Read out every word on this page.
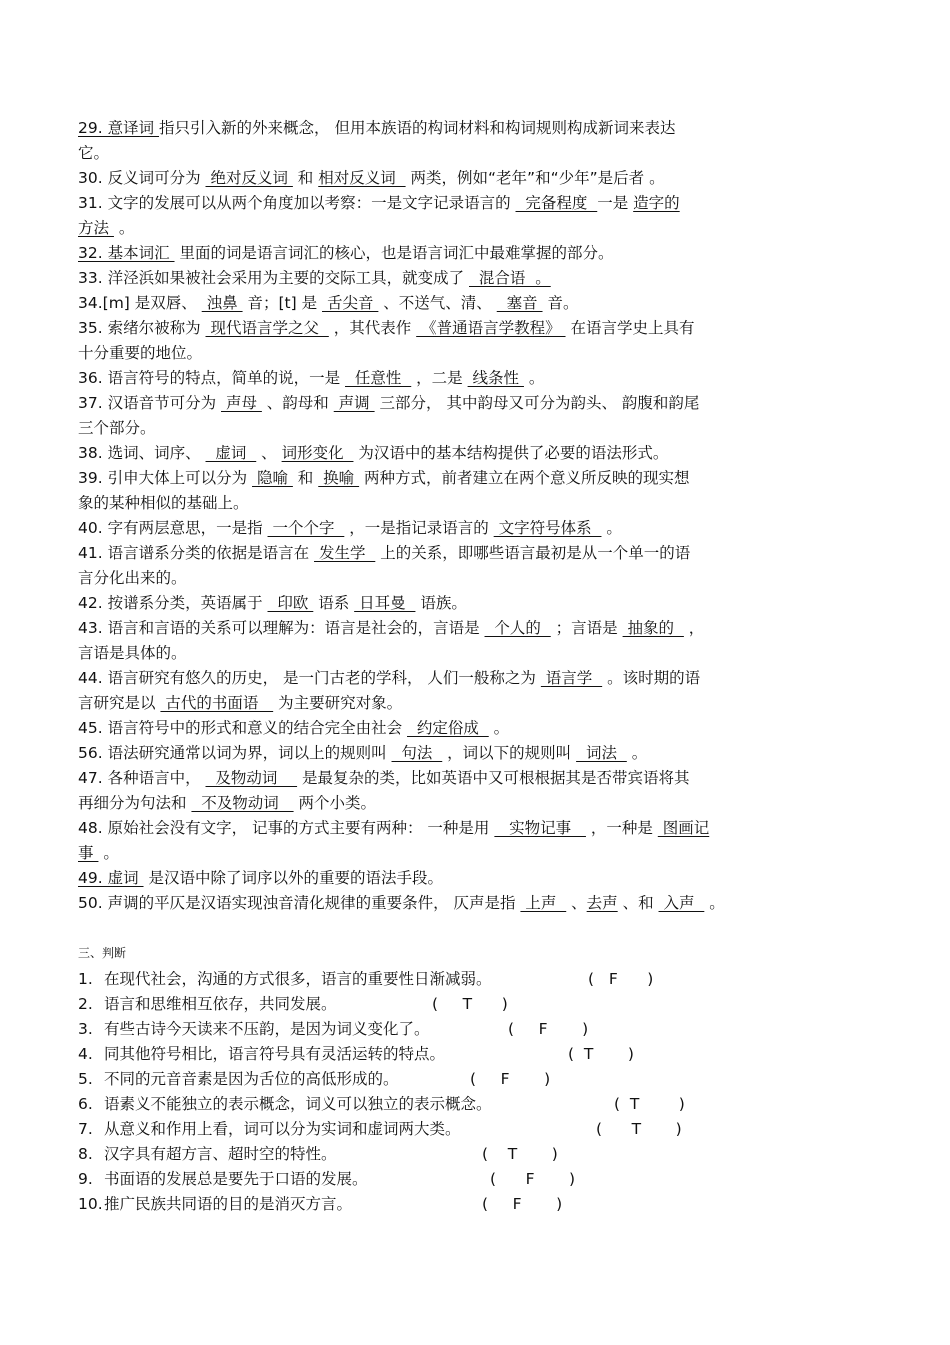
29. 意译词 指只引入新的外来概念， 但用本族语的构词材料和构词规则构成新词来表达
它。
30. 反义词可分为  绝对反义词  和 相对反义词   两类，例如“老年”和“少年”是后者 。
31. 文字的发展可以从两个角度加以考察：一是文字记录语言的   完备程度  一是 造字的
方法  。
32. 基本词汇  里面的词是语言词汇的核心，也是语言词汇中最难掌握的部分。
33. 洋泾浜如果被社会采用为主要的交际工具，就变成了   混合语  。
34.[m] 是双唇、  浊鼻  音；[t] 是  舌尖音  、不送气、清、   塞音  音。
35. 索绪尔被称为  现代语言学之父   ，其代表作  《普通语言学教程》  在语言学史上具有
十分重要的地位。
36. 语言符号的特点，简单的说，一是   任意性   ，二是  线条性  。
37. 汉语音节可分为  声母  、韵母和  声调  三部分， 其中韵母又可分为韵头、 韵腹和韵尾
三个部分。
38. 选词、词序、   虚词   、 词形变化   为汉语中的基本结构提供了必要的语法形式。
39. 引申大体上可以分为  隐喻  和  换喻  两种方式，前者建立在两个意义所反映的现实想
象的某种相似的基础上。
40. 字有两层意思，一是指  一个个字   ，一是指记录语言的  文字符号体系   。
41. 语言谱系分类的依据是语言在  发生学   上的关系，即哪些语言最初是从一个单一的语
言分化出来的。
42. 按谱系分类，英语属于   印欧  语系  日耳曼   语族。
43. 语言和言语的关系可以理解为：语言是社会的，言语是   个人的   ；言语是  抽象的   ，
言语是具体的。
44. 语言研究有悠久的历史， 是一门古老的学科， 人们一般称之为  语言学   。该时期的语
言研究是以  古代的书面语    为主要研究对象。
45. 语言符号中的形式和意义的结合完全由社会   约定俗成   。
56. 语法研究通常以词为界，词以上的规则叫   句法   ，词以下的规则叫   词法   。
47. 各种语言中，   及物动词     是最复杂的类，比如英语中又可根根据其是否带宾语将其
再细分为句法和   不及物动词    两个小类。
48. 原始社会没有文字， 记事的方式主要有两种： 一种是用    实物记事    ，一种是  图画记
事  。
49. 虚词  是汉语中除了词序以外的重要的语法手段。
50. 声调的平仄是汉语实现浊音清化规律的重要条件， 仄声是指  上声   、去声 、和  入声   。
三、判断
1. 在现代社会，沟通的方式很多，语言的重要性日渐减弱。	(   F      )
2. 语言和思维相互依存，共同发展。	(     T      )
3. 有些古诗今天读来不压韵，是因为词义变化了。	(     F       )
4. 同其他符号相比，语言符号具有灵活运转的特点。	(  T       )
5. 不同的元音音素是因为舌位的高低形成的。	(     F       )
6. 语素义不能独立的表示概念，词义可以独立的表示概念。	(  T        )
7. 从意义和作用上看，词可以分为实词和虚词两大类。	(      T       )
8. 汉字具有超方言、超时空的特性。	(    T       )
9. 书面语的发展总是要先于口语的发展。	(      F       )
10.推广民族共同语的目的是消灭方言。	(     F       )
